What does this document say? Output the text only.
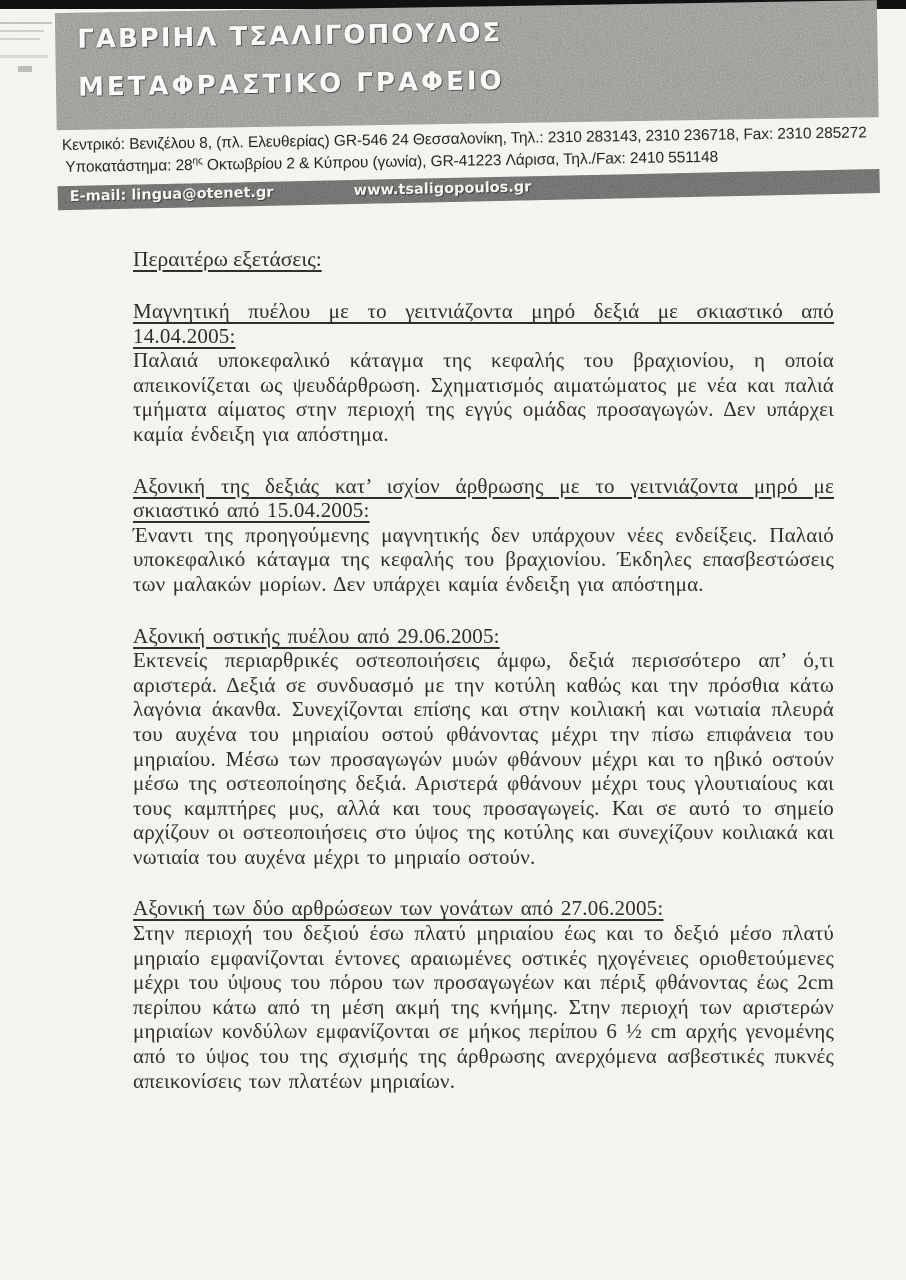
ΓΑΒΡΙΗΛ ΤΣΑΛΙΓΟΠΟΥΛΟΣ
ΜΕΤΑΦΡΑΣΤΙΚΟ ΓΡΑΦΕΙΟ
Κεντρικό: Βενιζέλου 8, (πλ. Ελευθερίας) GR-546 24 Θεσσαλονίκη, Τηλ.: 2310 283143, 2310 236718, Fax: 2310 285272
Υποκατάστημα: $28^{\eta\varsigma}$ Οκτωβρίου 2 & Κύπρου (γωνία), GR-41223 Λάρισα, Τηλ./Fax: 2410 551148
E-mail: lingua@otenet.gr	www.tsaligopoulos.gr
Περαιτέρω εξετάσεις:
Μαγνητική πυέλου με το γειτνιάζοντα μηρό δεξιά με σκιαστικό από 14.04.2005:
Παλαιά υποκεφαλικό κάταγμα της κεφαλής του βραχιονίου, η οποία απεικονίζεται ως ψευδάρθρωση. Σχηματισμός αιματώματος με νέα και παλιά τμήματα αίματος στην περιοχή της εγγύς ομάδας προσαγωγών. Δεν υπάρχει καμία ένδειξη για απόστημα.
Αξονική της δεξιάς κατ’ ισχίον άρθρωσης με το γειτνιάζοντα μηρό με σκιαστικό από 15.04.2005:
Έναντι της προηγούμενης μαγνητικής δεν υπάρχουν νέες ενδείξεις. Παλαιό υποκεφαλικό κάταγμα της κεφαλής του βραχιονίου. Έκδηλες επασβεστώσεις των μαλακών μορίων. Δεν υπάρχει καμία ένδειξη για απόστημα.
Αξονική οστικής πυέλου από 29.06.2005:
Εκτενείς περιαρθρικές οστεοποιήσεις άμφω, δεξιά περισσότερο απ’ ό,τι αριστερά. Δεξιά σε συνδυασμό με την κοτύλη καθώς και την πρόσθια κάτω λαγόνια άκανθα. Συνεχίζονται επίσης και στην κοιλιακή και νωτιαία πλευρά του αυχένα του μηριαίου οστού φθάνοντας μέχρι την πίσω επιφάνεια του μηριαίου. Μέσω των προσαγωγών μυών φθάνουν μέχρι και το ηβικό οστούν μέσω της οστεοποίησης δεξιά. Αριστερά φθάνουν μέχρι τους γλουτιαίους και τους καμπτήρες μυς, αλλά και τους προσαγωγείς. Και σε αυτό το σημείο αρχίζουν οι οστεοποιήσεις στο ύψος της κοτύλης και συνεχίζουν κοιλιακά και νωτιαία του αυχένα μέχρι το μηριαίο οστούν.
Αξονική των δύο αρθρώσεων των γονάτων από 27.06.2005:
Στην περιοχή του δεξιού έσω πλατύ μηριαίου έως και το δεξιό μέσο πλατύ μηριαίο εμφανίζονται έντονες αραιωμένες οστικές ηχογένειες οριοθετούμενες μέχρι του ύψους του πόρου των προσαγωγέων και πέριξ φθάνοντας έως 2cm περίπου κάτω από τη μέση ακμή της κνήμης. Στην περιοχή των αριστερών μηριαίων κονδύλων εμφανίζονται σε μήκος περίπου 6 ½ cm αρχής γενομένης από το ύψος του της σχισμής της άρθρωσης ανερχόμενα ασβεστικές πυκνές απεικονίσεις των πλατέων μηριαίων.
